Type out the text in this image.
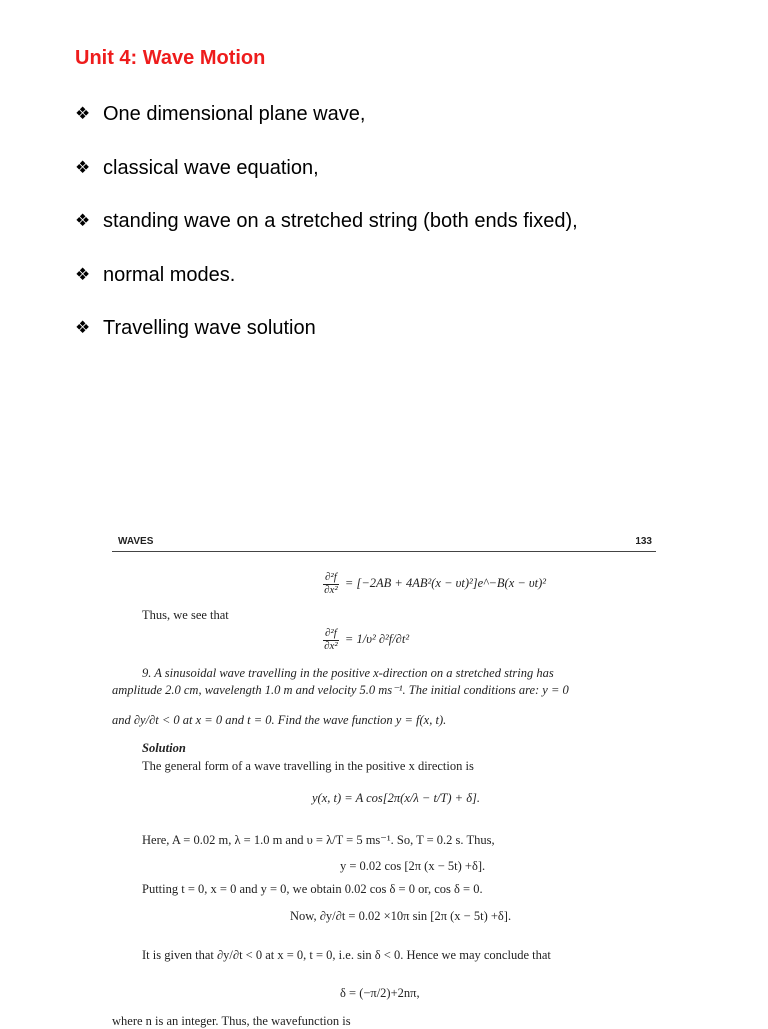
Unit 4: Wave Motion
❖ One dimensional plane wave,
❖ classical wave equation,
❖ standing wave on a stretched string (both ends fixed),
❖ normal modes.
❖ Travelling wave solution
WAVES	133
$\frac{\text{∂²f}}{\text{∂x²}} = [-2AB + 4AB^2(x$ − υt)²]e^−B(x − υt)²
Thus, we see that
$\frac{\text{∂²f}}{\text{∂x²}} = 1/\upsilon^2$ ∂²f/∂t²
9. A sinusoidal wave travelling in the positive x-direction on a stretched string has
amplitude 2.0 cm, wavelength 1.0 m and velocity 5.0 ms⁻¹. The initial conditions are: y = 0
and ∂y/∂t < 0 at x = 0 and t = 0. Find the wave function y = f(x, t).
Solution
The general form of a wave travelling in the positive x direction is
y(x, t) = A cos[2π(x/λ − t/T) + δ].
Here, A = 0.02 m, λ = 1.0 m and υ = λ/T = 5 ms⁻¹. So, T = 0.2 s. Thus,
y = 0.02 cos [2π (x − 5t) +δ].
Putting t = 0, x = 0 and y = 0, we obtain 0.02 cos δ = 0 or, cos δ = 0.
Now, ∂y/∂t = 0.02 ×10π sin [2π (x − 5t) +δ].
It is given that ∂y/∂t < 0 at x = 0, t = 0, i.e. sin δ < 0. Hence we may conclude that
δ = (−π/2)+2nπ,
where n is an integer. Thus, the wavefunction is
